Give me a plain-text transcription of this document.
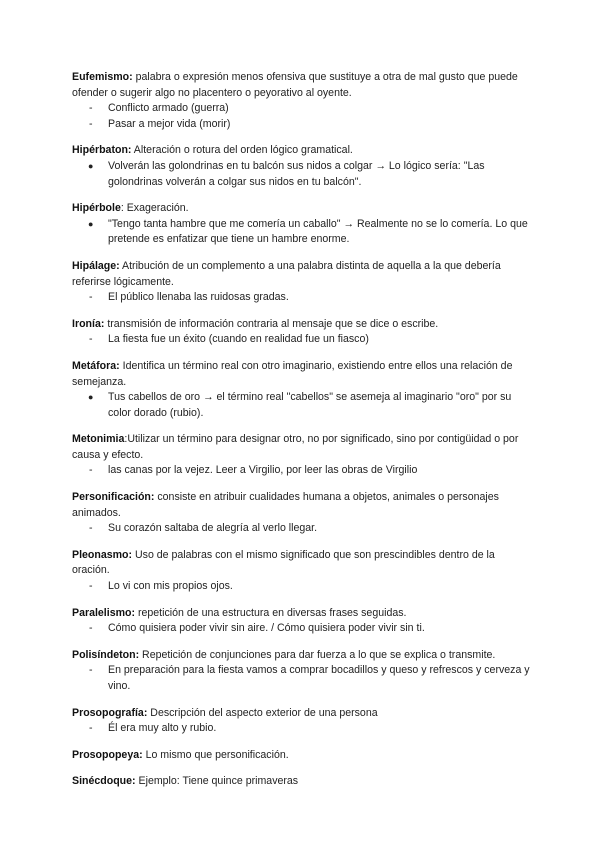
Eufemismo: palabra o expresión menos ofensiva que sustituye a otra de mal gusto que puede ofender o sugerir algo no placentero o peyorativo al oyente.

- Conflicto armado (guerra)
- Pasar a mejor vida (morir)

Hipérbaton: Alteración o rotura del orden lógico gramatical.

● Volverán las golondrinas en tu balcón sus nidos a colgar → Lo lógico sería: "Las golondrinas volverán a colgar sus nidos en tu balcón".

Hipérbole: Exageración.

● "Tengo tanta hambre que me comería un caballo" → Realmente no se lo comería. Lo que pretende es enfatizar que tiene un hambre enorme.

Hipálage: Atribución de un complemento a una palabra distinta de aquella a la que debería referirse lógicamente.

- El público llenaba las ruidosas gradas.

Ironía: transmisión de información contraria al mensaje que se dice o escribe.

- La fiesta fue un éxito (cuando en realidad fue un fiasco)

Metáfora: Identifica un término real con otro imaginario, existiendo entre ellos una relación de semejanza.

● Tus cabellos de oro → el término real "cabellos" se asemeja al imaginario "oro" por su color dorado (rubio).

Metonimia:Utilizar un término para designar otro, no por significado, sino por contigüidad o por causa y efecto.

- las canas por la vejez. Leer a Virgilio, por leer las obras de Virgilio

Personificación: consiste en atribuir cualidades humana a objetos, animales o personajes animados.

- Su corazón saltaba de alegría al verlo llegar.

Pleonasmo: Uso de palabras con el mismo significado que son prescindibles dentro de la oración.

- Lo vi con mis propios ojos.

Paralelismo: repetición de una estructura en diversas frases seguidas.

- Cómo quisiera poder vivir sin aire. / Cómo quisiera poder vivir sin ti.

Polisíndeton: Repetición de conjunciones para dar fuerza a lo que se explica o transmite.

- En preparación para la fiesta vamos a comprar bocadillos y queso y refrescos y cerveza y vino.

Prosopografía: Descripción del aspecto exterior de una persona

- Él era muy alto y rubio.

Prosopopeya: Lo mismo que personificación.

Sinécdoque: Ejemplo: Tiene quince primaveras
